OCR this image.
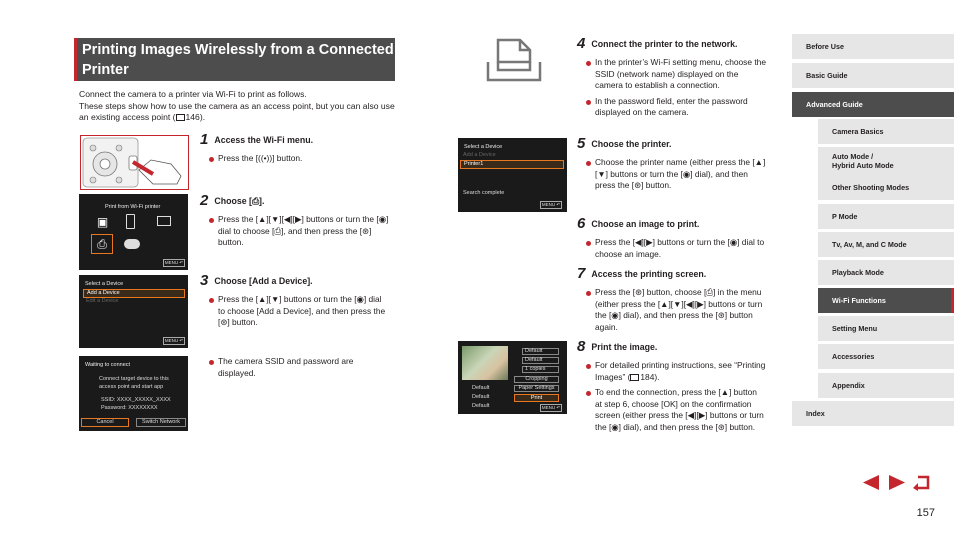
Printing Images Wirelessly from a Connected Printer
Connect the camera to a printer via Wi-Fi to print as follows.
These steps show how to use the camera as an access point, but you can also use an existing access point ( 146).
1 Access the Wi-Fi menu.
Press the [((•))] button.
Print from Wi-Fi printer
▣
⎙
MENU ↶
2 Choose [⎙].
Press the [▲][▼][◀][▶] buttons or turn the [◉] dial to choose [⎙], and then press the [⊛] button.
Select a Device
Add a Device
Edit a Device
MENU ↶
3 Choose [Add a Device].
Press the [▲][▼] buttons or turn the [◉] dial to choose [Add a Device], and then press the [⊛] button.
Waiting to connect
Connect target device to this
access point and start app
SSID: XXXX_XXXXX_XXXX
Password: XXXXXXXX
Cancel	Switch Network
The camera SSID and password are displayed.
Select a Device
Add a Device
Printer1
Search complete
MENU ↶
Default
Default
Default
Default
Default
1 copies
Cropping
Paper Settings
Print
MENU ↶
4 Connect the printer to the network.
In the printer’s Wi-Fi setting menu, choose the SSID (network name) displayed on the camera to establish a connection.
In the password field, enter the password displayed on the camera.
5 Choose the printer.
Choose the printer name (either press the [▲][▼] buttons or turn the [◉] dial), and then press the [⊛] button.
6 Choose an image to print.
Press the [◀][▶] buttons or turn the [◉] dial to choose an image.
7 Access the printing screen.
Press the [⊛] button, choose [⎙] in the menu (either press the [▲][▼][◀][▶] buttons or turn the [◉] dial), and then press the [⊛] button again.
8 Print the image.
For detailed printing instructions, see “Printing Images” ( 184).
To end the connection, press the [▲] button at step 6, choose [OK] on the confirmation screen (either press the [◀][▶] buttons or turn the [◉] dial), and then press the [⊛] button.
Before Use
Basic Guide
Advanced Guide
Camera Basics
Auto Mode /
Hybrid Auto Mode
Other Shooting Modes
P Mode
Tv, Av, M, and C Mode
Playback Mode
Wi-Fi Functions
Setting Menu
Accessories
Appendix
Index
157
